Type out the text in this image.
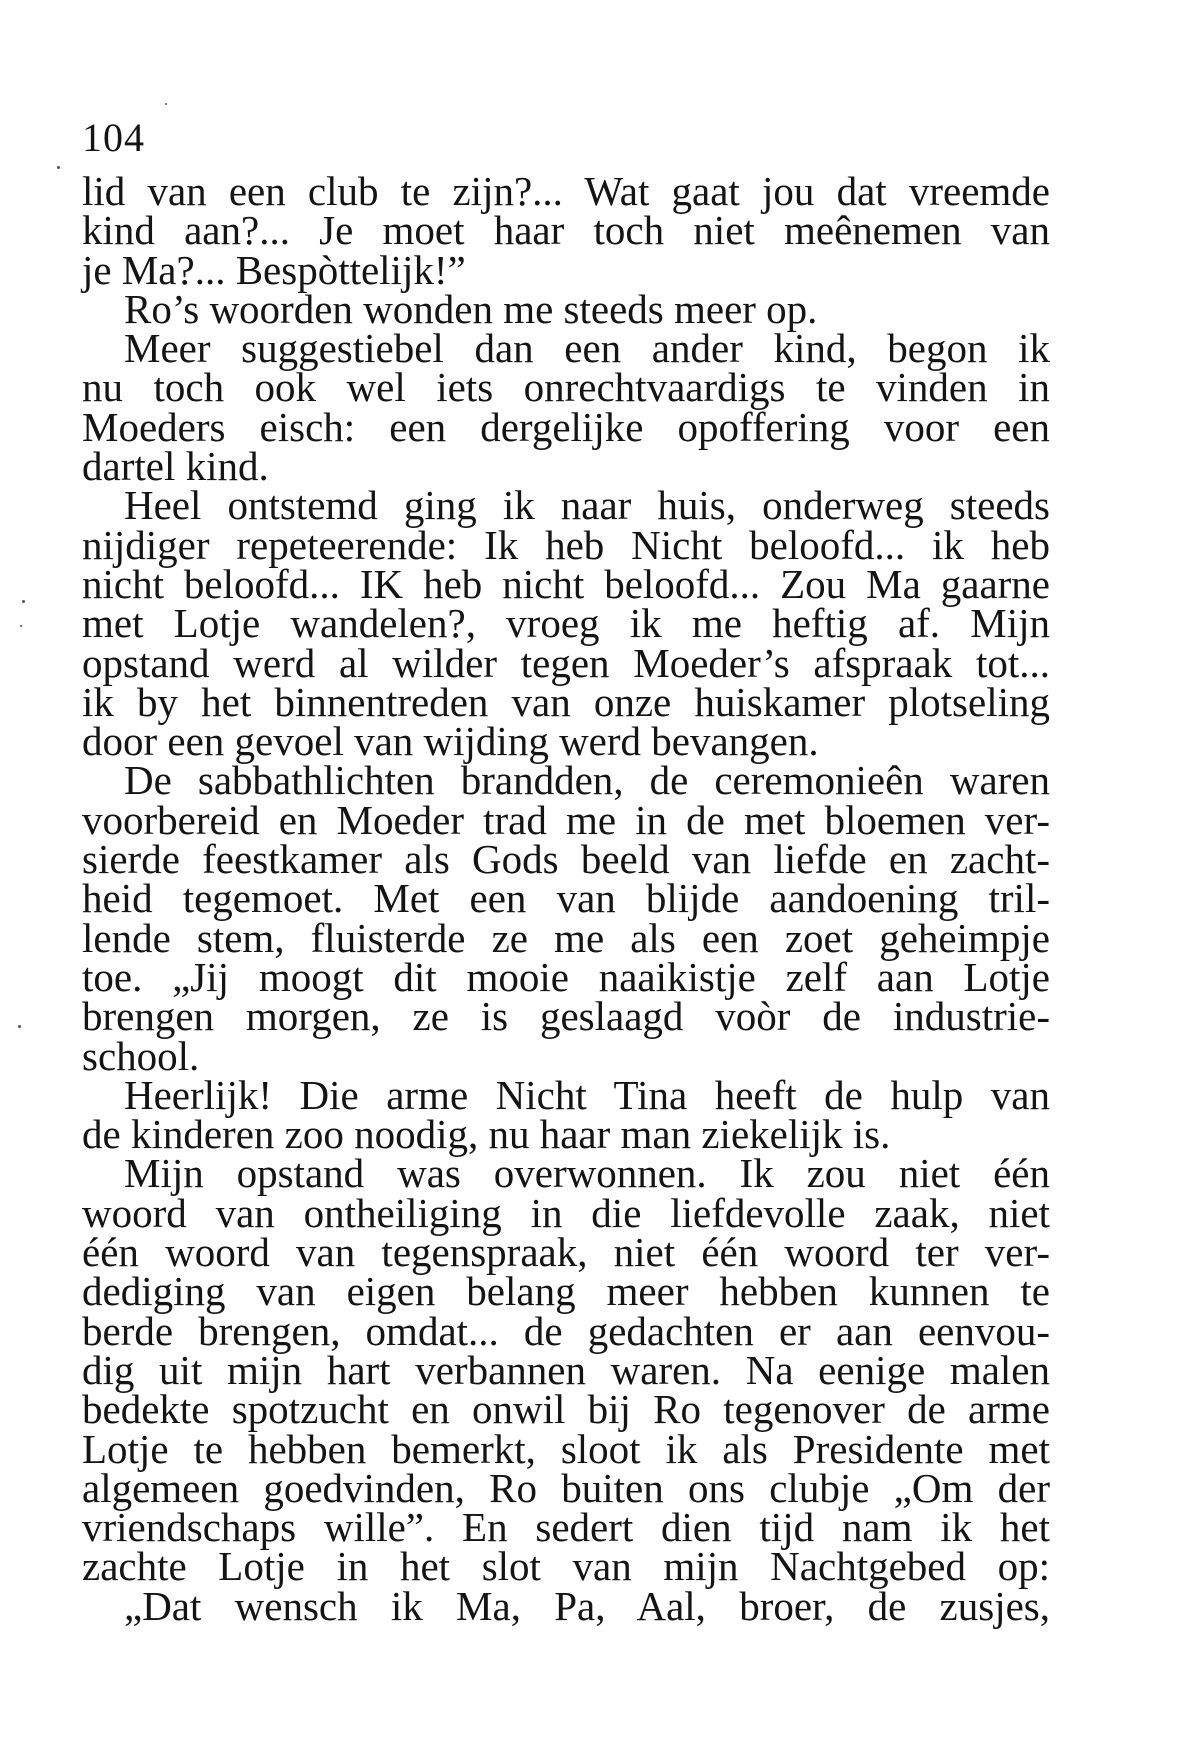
104
lid van een club te zijn?... Wat gaat jou dat vreemde
kind aan?... Je moet haar toch niet meênemen van
je Ma?... Bespòttelijk!”
Ro’s woorden wonden me steeds meer op.
Meer suggestiebel dan een ander kind, begon ik
nu toch ook wel iets onrechtvaardigs te vinden in
Moeders eisch: een dergelijke opoffering voor een
dartel kind.
Heel ontstemd ging ik naar huis, onderweg steeds
nijdiger repeteerende: Ik heb Nicht beloofd... ik heb
nicht beloofd... IK heb nicht beloofd... Zou Ma gaarne
met Lotje wandelen?, vroeg ik me heftig af. Mijn
opstand werd al wilder tegen Moeder’s afspraak tot...
ik by het binnentreden van onze huiskamer plotseling
door een gevoel van wijding werd bevangen.
De sabbathlichten brandden, de ceremonieên waren
voorbereid en Moeder trad me in de met bloemen ver-
sierde feestkamer als Gods beeld van liefde en zacht-
heid tegemoet. Met een van blijde aandoening tril-
lende stem, fluisterde ze me als een zoet geheimpje
toe. „Jij moogt dit mooie naaikistje zelf aan Lotje
brengen morgen, ze is geslaagd voòr de industrie-
school.
Heerlijk! Die arme Nicht Tina heeft de hulp van
de kinderen zoo noodig, nu haar man ziekelijk is.
Mijn opstand was overwonnen. Ik zou niet één
woord van ontheiliging in die liefdevolle zaak, niet
één woord van tegenspraak, niet één woord ter ver-
dediging van eigen belang meer hebben kunnen te
berde brengen, omdat... de gedachten er aan eenvou-
dig uit mijn hart verbannen waren. Na eenige malen
bedekte spotzucht en onwil bij Ro tegenover de arme
Lotje te hebben bemerkt, sloot ik als Presidente met
algemeen goedvinden, Ro buiten ons clubje „Om der
vriendschaps wille”. En sedert dien tijd nam ik het
zachte Lotje in het slot van mijn Nachtgebed op:
„Dat wensch ik Ma, Pa, Aal, broer, de zusjes,
